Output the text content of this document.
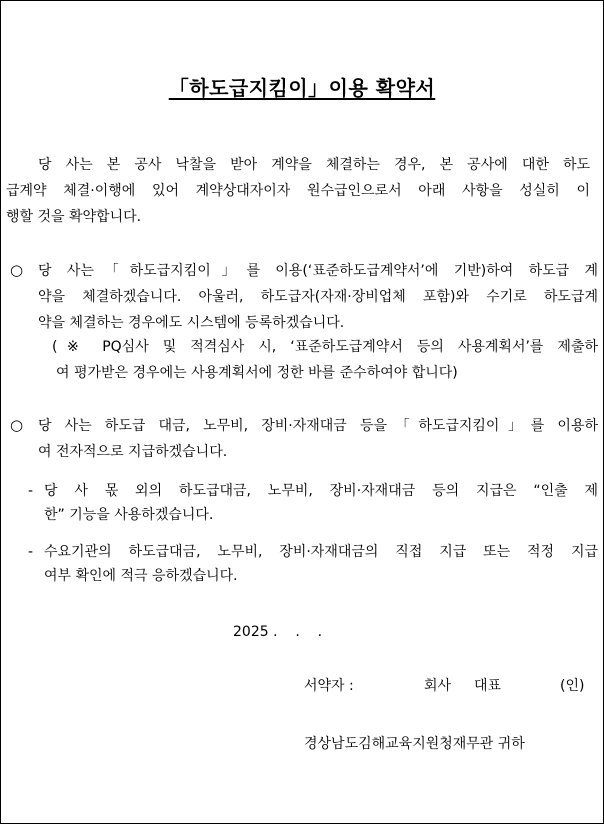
「하도급지킴이」이용 확약서
당 사는 본 공사 낙찰을 받아 계약을 체결하는 경우, 본 공사에 대한 하도
급계약 체결·이행에 있어 계약상대자이자 원수급인으로서 아래 사항을 성실히 이
행할 것을 확약합니다.
○ 당 사는「하도급지킴이」를 이용(‘표준하도급계약서’에 기반)하여 하도급 계
약을 체결하겠습니다. 아울러, 하도급자(자재·장비업체 포함)와 수기로 하도급계
약을 체결하는 경우에도 시스템에 등록하겠습니다.
(※ PQ심사 및 적격심사 시, ‘표준하도급계약서 등의 사용계획서’를 제출하
여 평가받은 경우에는 사용계획서에 정한 바를 준수하여야 합니다)
○ 당 사는 하도급 대금, 노무비, 장비·자재대금 등을「하도급지킴이」를 이용하
여 전자적으로 지급하겠습니다.
- 당 사 몫 외의 하도급대금, 노무비, 장비·자재대금 등의 지급은 “인출 제
한” 기능을 사용하겠습니다.
- 수요기관의 하도급대금, 노무비, 장비·자재대금의 직접 지급 또는 적정 지급
여부 확인에 적극 응하겠습니다.
2025 .    .    .
서약자 :	회사 대표	(인)
경상남도김해교육지원청재무관 귀하
